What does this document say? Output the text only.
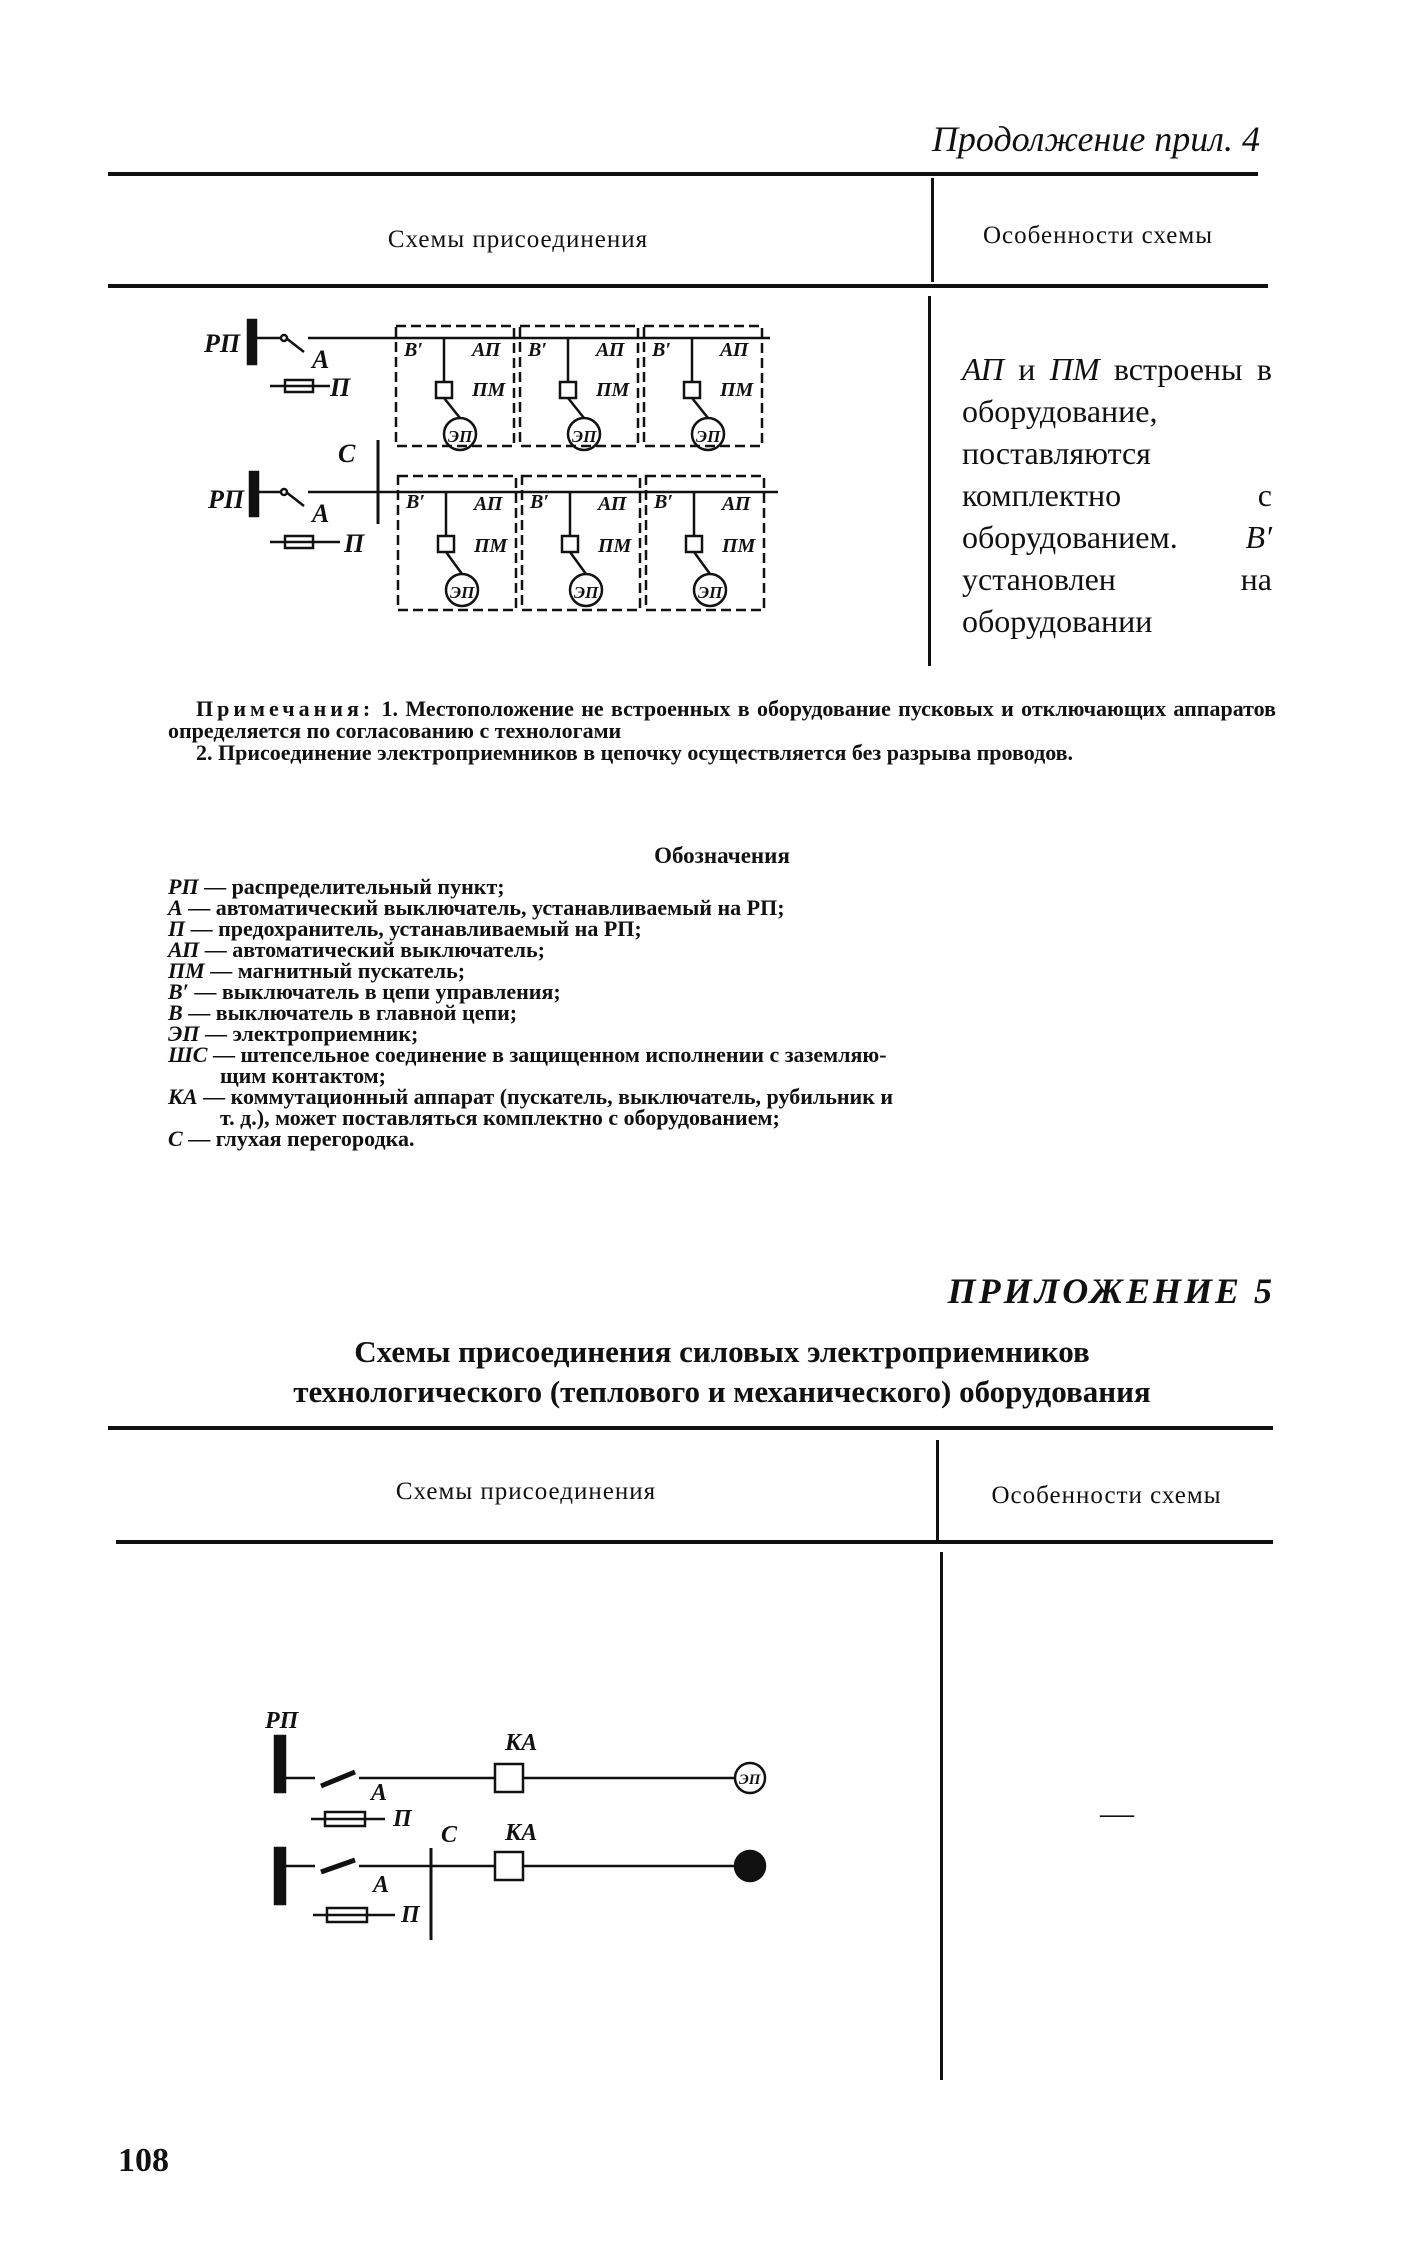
Продолжение прил. 4
Схемы присоединения	Особенности схемы
АП и ПМ встроены в оборудование, поставляются комплектно с оборудованием. В′ установлен на оборудовании
РП
РП
А
П
А
П
С
В′	В′	В′
В′	В′	В′
АП	АП	АП
АП	АП	АП
ПМ	ПМ	ПМ
ПМ	ПМ	ПМ
ЭП	ЭП	ЭП
ЭП	ЭП	ЭП

Примечания: 1. Местоположение не встроенных в оборудование пусковых и отключающих аппаратов определяется по согласованию с технологами

2. Присоединение электроприемников в цепочку осуществляется без разрыва проводов.

Обозначения
РП — распределительный пункт;
А — автоматический выключатель, устанавливаемый на РП;
П — предохранитель, устанавливаемый на РП;
АП — автоматический выключатель;
ПМ — магнитный пускатель;
В′ — выключатель в цепи управления;
В — выключатель в главной цепи;
ЭП — электроприемник;
ШС — штепсельное соединение в защищенном исполнении с заземляю-
щим контактом;
КА — коммутационный аппарат (пускатель, выключатель, рубильник и
т. д.), может поставляться комплектно с оборудованием;
С — глухая перегородка.
ПРИЛОЖЕНИЕ 5
Схемы присоединения силовых электроприемников
технологического (теплового и механического) оборудования
Схемы присоединения	Особенности схемы
—
РП
КА
КА
А
П
А
П
С
ЭП
108
